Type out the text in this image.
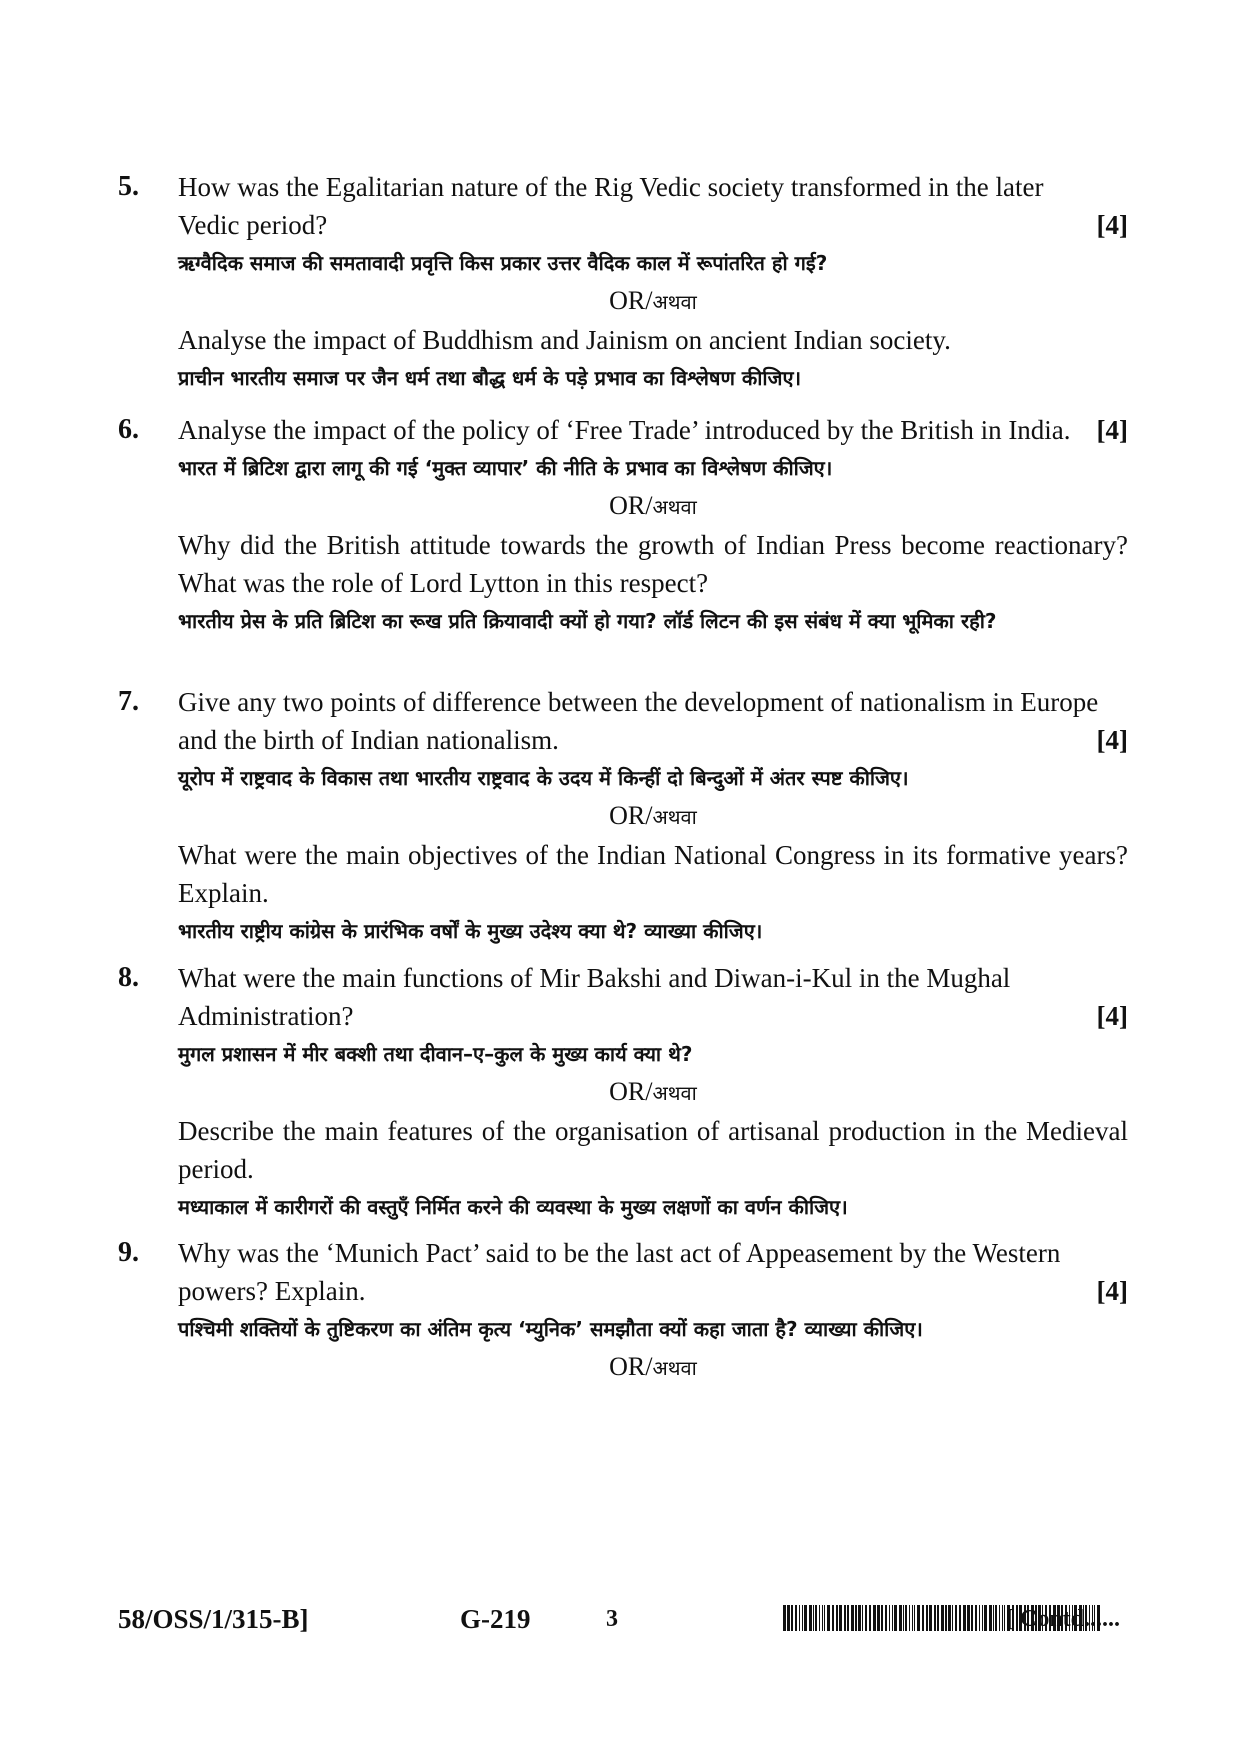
5. How was the Egalitarian nature of the Rig Vedic society transformed in the later

Vedic period?	[4]

ऋग्वैदिक समाज की समतावादी प्रवृत्ति किस प्रकार उत्तर वैदिक काल में रूपांतरित हो गई?

OR/अथवा

Analyse the impact of Buddhism and Jainism on ancient Indian society.

प्राचीन भारतीय समाज पर जैन धर्म तथा बौद्ध धर्म के पड़े प्रभाव का विश्लेषण कीजिए।

6. Analyse the impact of the policy of ‘Free Trade’ introduced by the British in India. [4]

भारत में ब्रिटिश द्वारा लागू की गई ‘मुक्त व्यापार’ की नीति के प्रभाव का विश्लेषण कीजिए।

OR/अथवा

Why did the British attitude towards the growth of Indian Press become reactionary? What was the role of Lord Lytton in this respect?

भारतीय प्रेस के प्रति ब्रिटिश का रूख प्रति क्रियावादी क्यों हो गया? लॉर्ड लिटन की इस संबंध में क्या भूमिका रही?

7. Give any two points of difference between the development of nationalism in Europe

and the birth of Indian nationalism.	[4]

यूरोप में राष्ट्रवाद के विकास तथा भारतीय राष्ट्रवाद के उदय में किन्हीं दो बिन्दुओं में अंतर स्पष्ट कीजिए।

OR/अथवा

What were the main objectives of the Indian National Congress in its formative years? Explain.

भारतीय राष्ट्रीय कांग्रेस के प्रारंभिक वर्षों के मुख्य उदेश्य क्या थे? व्याख्या कीजिए।

8. What were the main functions of Mir Bakshi and Diwan-i-Kul in the Mughal

Administration?	[4]

मुगल प्रशासन में मीर बक्शी तथा दीवान–ए–कुल के मुख्य कार्य क्या थे?

OR/अथवा

Describe the main features of the organisation of artisanal production in the Medieval period.

मध्याकाल में कारीगरों की वस्तुएँ निर्मित करने की व्यवस्था के मुख्य लक्षणों का वर्णन कीजिए।

9. Why was the ‘Munich Pact’ said to be the last act of Appeasement by the Western

powers? Explain.	[4]

पश्चिमी शक्तियों के तुष्टिकरण का अंतिम कृत्य ‘म्युनिक’ समझौता क्यों कहा जाता है? व्याख्या कीजिए।

OR/अथवा

58/OSS/1/315-B]	G-219	3	[ Contd......
